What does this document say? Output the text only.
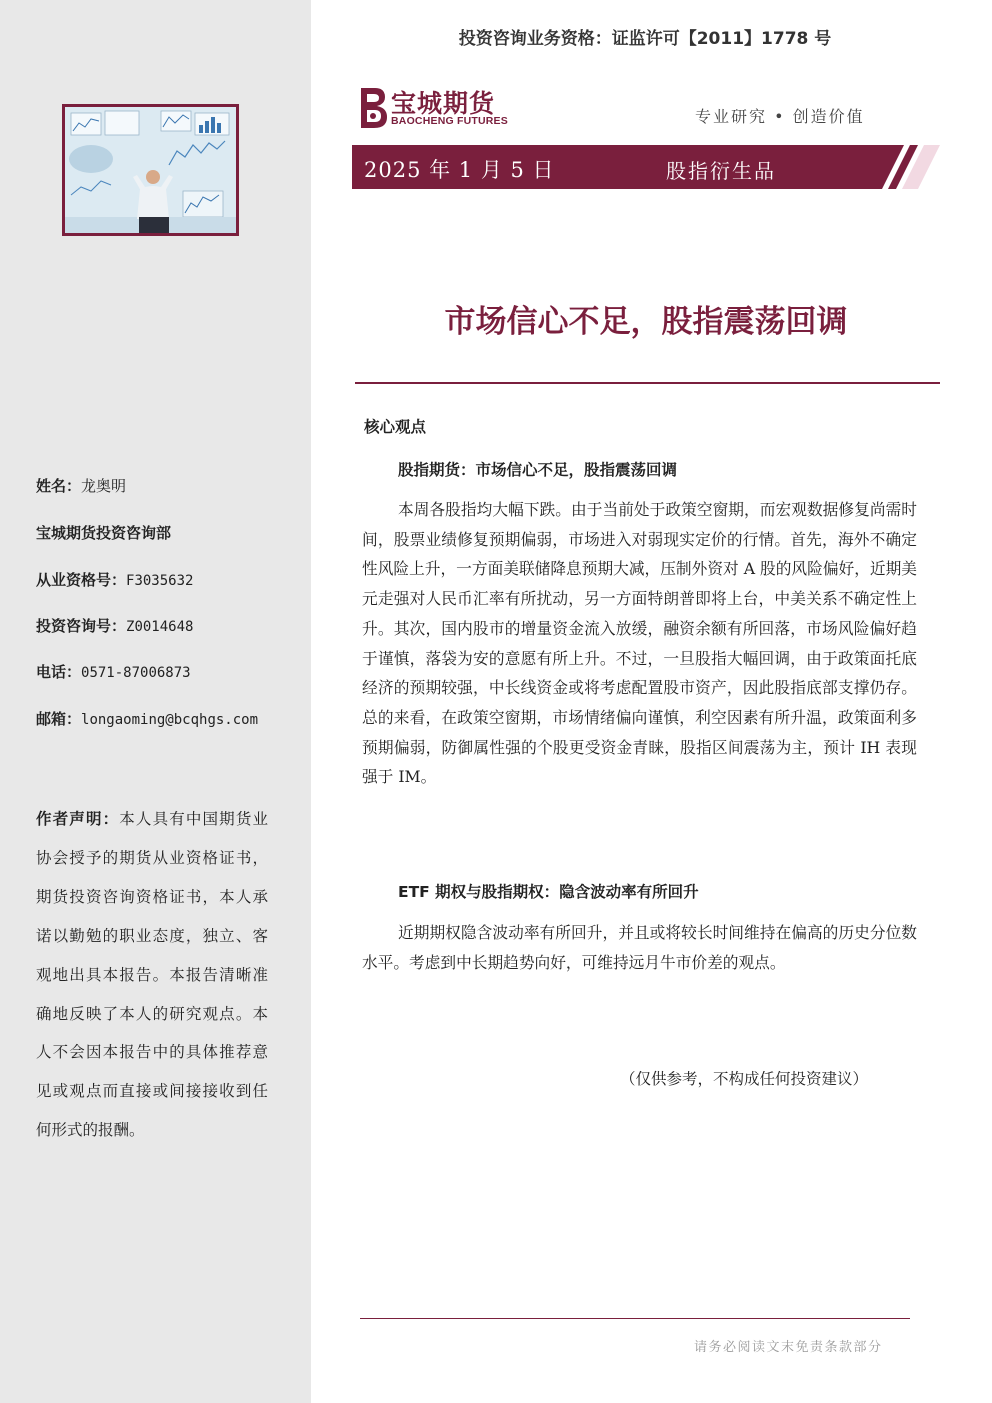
姓名：龙奥明
宝城期货投资咨询部
从业资格号：F3035632
投资咨询号：Z0014648
电话：0571-87006873
邮箱：longaoming@bcqhgs.com
作者声明：本人具有中国期货业协会授予的期货从业资格证书，期货投资咨询资格证书，本人承诺以勤勉的职业态度，独立、客观地出具本报告。本报告清晰准确地反映了本人的研究观点。本人不会因本报告中的具体推荐意见或观点而直接或间接接收到任何形式的报酬。
投资咨询业务资格：证监许可【2011】1778 号
宝城期货
BAOCHENG FUTURES	专业研究 • 创造价值
2025 年 1 月 5 日	股指衍生品
市场信心不足，股指震荡回调
核心观点
股指期货：市场信心不足，股指震荡回调
本周各股指均大幅下跌。由于当前处于政策空窗期，而宏观数据修复尚需时间，股票业绩修复预期偏弱，市场进入对弱现实定价的行情。首先，海外不确定性风险上升，一方面美联储降息预期大减，压制外资对 A 股的风险偏好，近期美元走强对人民币汇率有所扰动，另一方面特朗普即将上台，中美关系不确定性上升。其次，国内股市的增量资金流入放缓，融资余额有所回落，市场风险偏好趋于谨慎，落袋为安的意愿有所上升。不过，一旦股指大幅回调，由于政策面托底经济的预期较强，中长线资金或将考虑配置股市资产，因此股指底部支撑仍存。总的来看，在政策空窗期，市场情绪偏向谨慎，利空因素有所升温，政策面利多预期偏弱，防御属性强的个股更受资金青睐，股指区间震荡为主，预计 IH 表现强于 IM。
ETF 期权与股指期权：隐含波动率有所回升
近期期权隐含波动率有所回升，并且或将较长时间维持在偏高的历史分位数水平。考虑到中长期趋势向好，可维持远月牛市价差的观点。
（仅供参考，不构成任何投资建议）
请务必阅读文末免责条款部分
